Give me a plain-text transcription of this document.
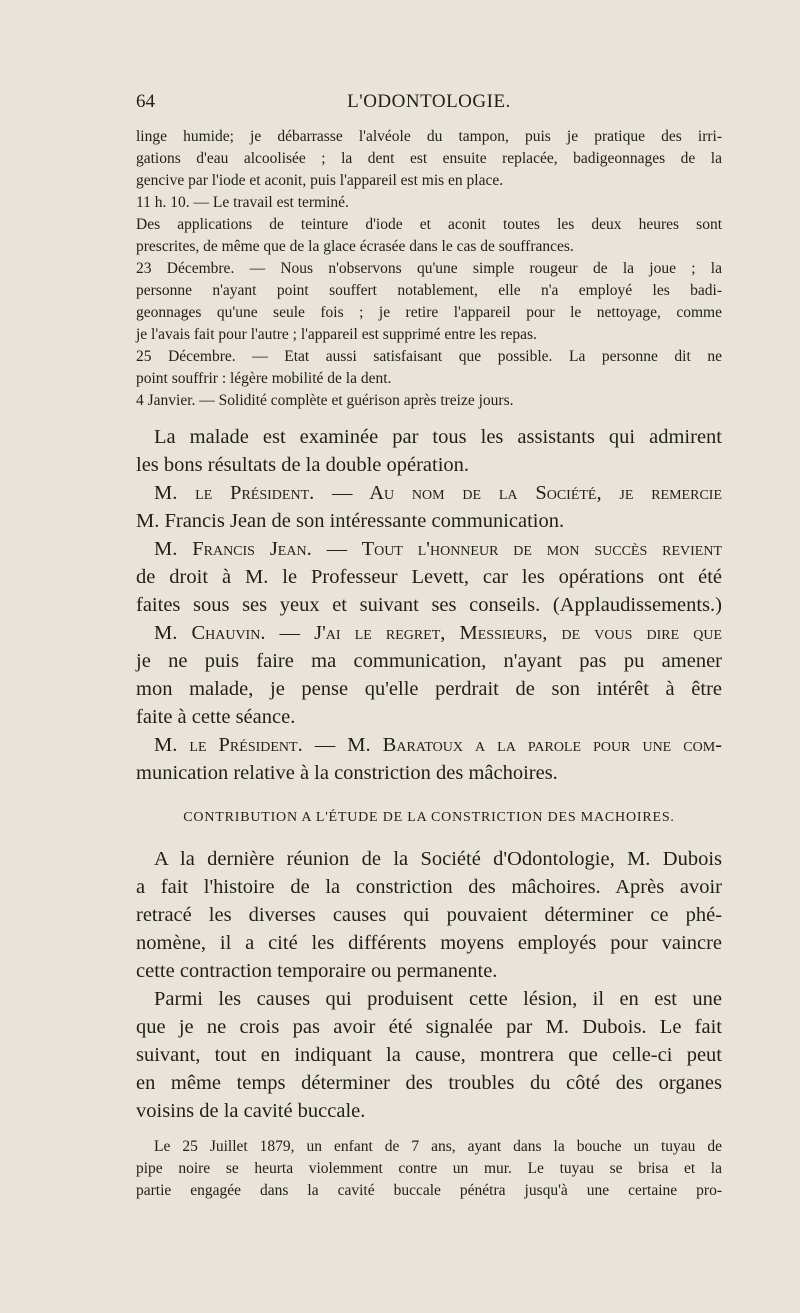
64	L'ODONTOLOGIE.
linge humide; je débarrasse l'alvéole du tampon, puis je pratique des irri-
gations d'eau alcoolisée ; la dent est ensuite replacée, badigeonnages de la
gencive par l'iode et aconit, puis l'appareil est mis en place.
11 h. 10. — Le travail est terminé.
Des applications de teinture d'iode et aconit toutes les deux heures sont
prescrites, de même que de la glace écrasée dans le cas de souffrances.
23 Décembre. — Nous n'observons qu'une simple rougeur de la joue ; la
personne n'ayant point souffert notablement, elle n'a employé les badi-
geonnages qu'une seule fois ; je retire l'appareil pour le nettoyage, comme
je l'avais fait pour l'autre ; l'appareil est supprimé entre les repas.
25 Décembre. — Etat aussi satisfaisant que possible. La personne dit ne
point souffrir : légère mobilité de la dent.
4 Janvier. — Solidité complète et guérison après treize jours.
La malade est examinée par tous les assistants qui admirent
les bons résultats de la double opération.
M. le Président. — Au nom de la Société, je remercie
M. Francis Jean de son intéressante communication.
M. Francis Jean. — Tout l'honneur de mon succès revient
de droit à M. le Professeur Levett, car les opérations ont été
faites sous ses yeux et suivant ses conseils. (Applaudissements.)
M. Chauvin. — J'ai le regret, Messieurs, de vous dire que
je ne puis faire ma communication, n'ayant pas pu amener
mon malade, je pense qu'elle perdrait de son intérêt à être
faite à cette séance.
M. le Président. — M. Baratoux a la parole pour une com-
munication relative à la constriction des mâchoires.
CONTRIBUTION A L'ÉTUDE DE LA CONSTRICTION DES MACHOIRES.
A la dernière réunion de la Société d'Odontologie, M. Dubois
a fait l'histoire de la constriction des mâchoires. Après avoir
retracé les diverses causes qui pouvaient déterminer ce phé-
nomène, il a cité les différents moyens employés pour vaincre
cette contraction temporaire ou permanente.
Parmi les causes qui produisent cette lésion, il en est une
que je ne crois pas avoir été signalée par M. Dubois. Le fait
suivant, tout en indiquant la cause, montrera que celle-ci peut
en même temps déterminer des troubles du côté des organes
voisins de la cavité buccale.
Le 25 Juillet 1879, un enfant de 7 ans, ayant dans la bouche un tuyau de
pipe noire se heurta violemment contre un mur. Le tuyau se brisa et la
partie engagée dans la cavité buccale pénétra jusqu'à une certaine pro-
